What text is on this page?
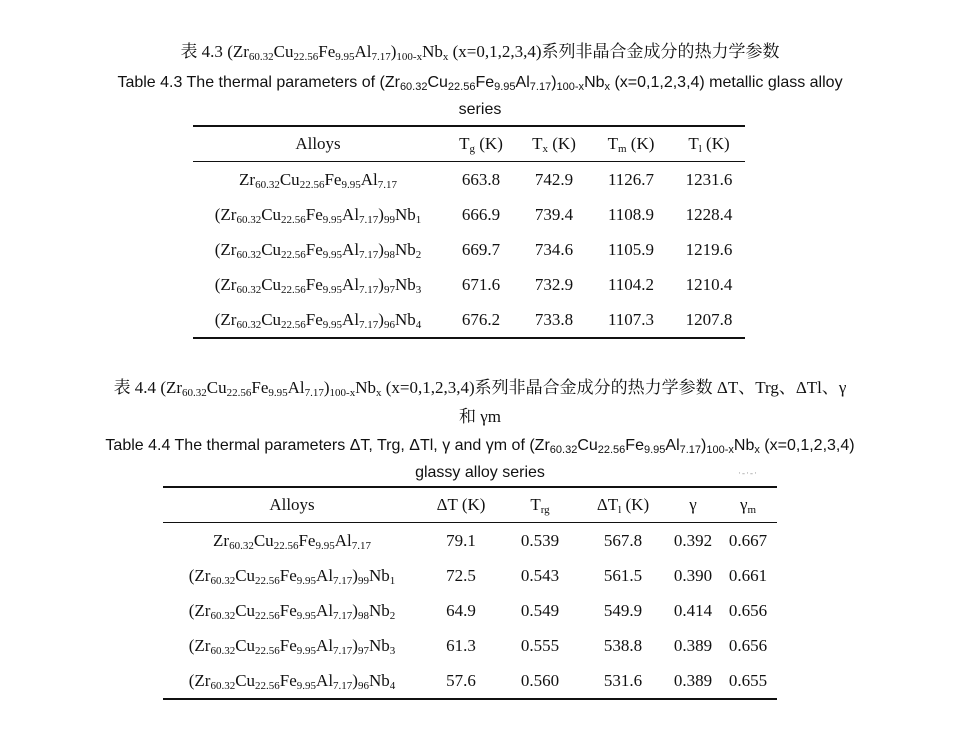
表 4.3 $(Zr_{60.32}Cu_{22.56}Fe_{9.95}Al_{7.17})_{100-x}Nb_x$ (x=0,1,2,3,4)系列非晶合金成分的热力学参数
Table 4.3 The thermal parameters of $(Zr_{60.32}Cu_{22.56}Fe_{9.95}Al_{7.17})_{100-x}Nb_x$ (x=0,1,2,3,4) metallic glass alloy
series
Alloys	$T_g$ (K)	$T_x$ (K)	$T_m$ (K)	$T_l$ (K)
$Zr_{60.32}Cu_{22.56}Fe_{9.95}Al_{7.17}$	663.8	742.9	1126.7	1231.6
$(Zr_{60.32}Cu_{22.56}Fe_{9.95}Al_{7.17})_{99}Nb_1$	666.9	739.4	1108.9	1228.4
$(Zr_{60.32}Cu_{22.56}Fe_{9.95}Al_{7.17})_{98}Nb_2$	669.7	734.6	1105.9	1219.6
$(Zr_{60.32}Cu_{22.56}Fe_{9.95}Al_{7.17})_{97}Nb_3$	671.6	732.9	1104.2	1210.4
$(Zr_{60.32}Cu_{22.56}Fe_{9.95}Al_{7.17})_{96}Nb_4$	676.2	733.8	1107.3	1207.8
表 4.4 $(Zr_{60.32}Cu_{22.56}Fe_{9.95}Al_{7.17})_{100-x}Nb_x$ (x=0,1,2,3,4)系列非晶合金成分的热力学参数 ΔT、Trg、ΔTl、γ
和 γm
Table 4.4 The thermal parameters ΔT, Trg, ΔTl, γ and γm of $(Zr_{60.32}Cu_{22.56}Fe_{9.95}Al_{7.17})_{100-x}Nb_x$ (x=0,1,2,3,4)
glassy alloy series	·-·-·
Alloys	ΔT (K)	$T_{rg}$	$\Delta T_l$ (K)	γ	$\gamma_m$
$Zr_{60.32}Cu_{22.56}Fe_{9.95}Al_{7.17}$	79.1	0.539	567.8	0.392	0.667
$(Zr_{60.32}Cu_{22.56}Fe_{9.95}Al_{7.17})_{99}Nb_1$	72.5	0.543	561.5	0.390	0.661
$(Zr_{60.32}Cu_{22.56}Fe_{9.95}Al_{7.17})_{98}Nb_2$	64.9	0.549	549.9	0.414	0.656
$(Zr_{60.32}Cu_{22.56}Fe_{9.95}Al_{7.17})_{97}Nb_3$	61.3	0.555	538.8	0.389	0.656
$(Zr_{60.32}Cu_{22.56}Fe_{9.95}Al_{7.17})_{96}Nb_4$	57.6	0.560	531.6	0.389	0.655
